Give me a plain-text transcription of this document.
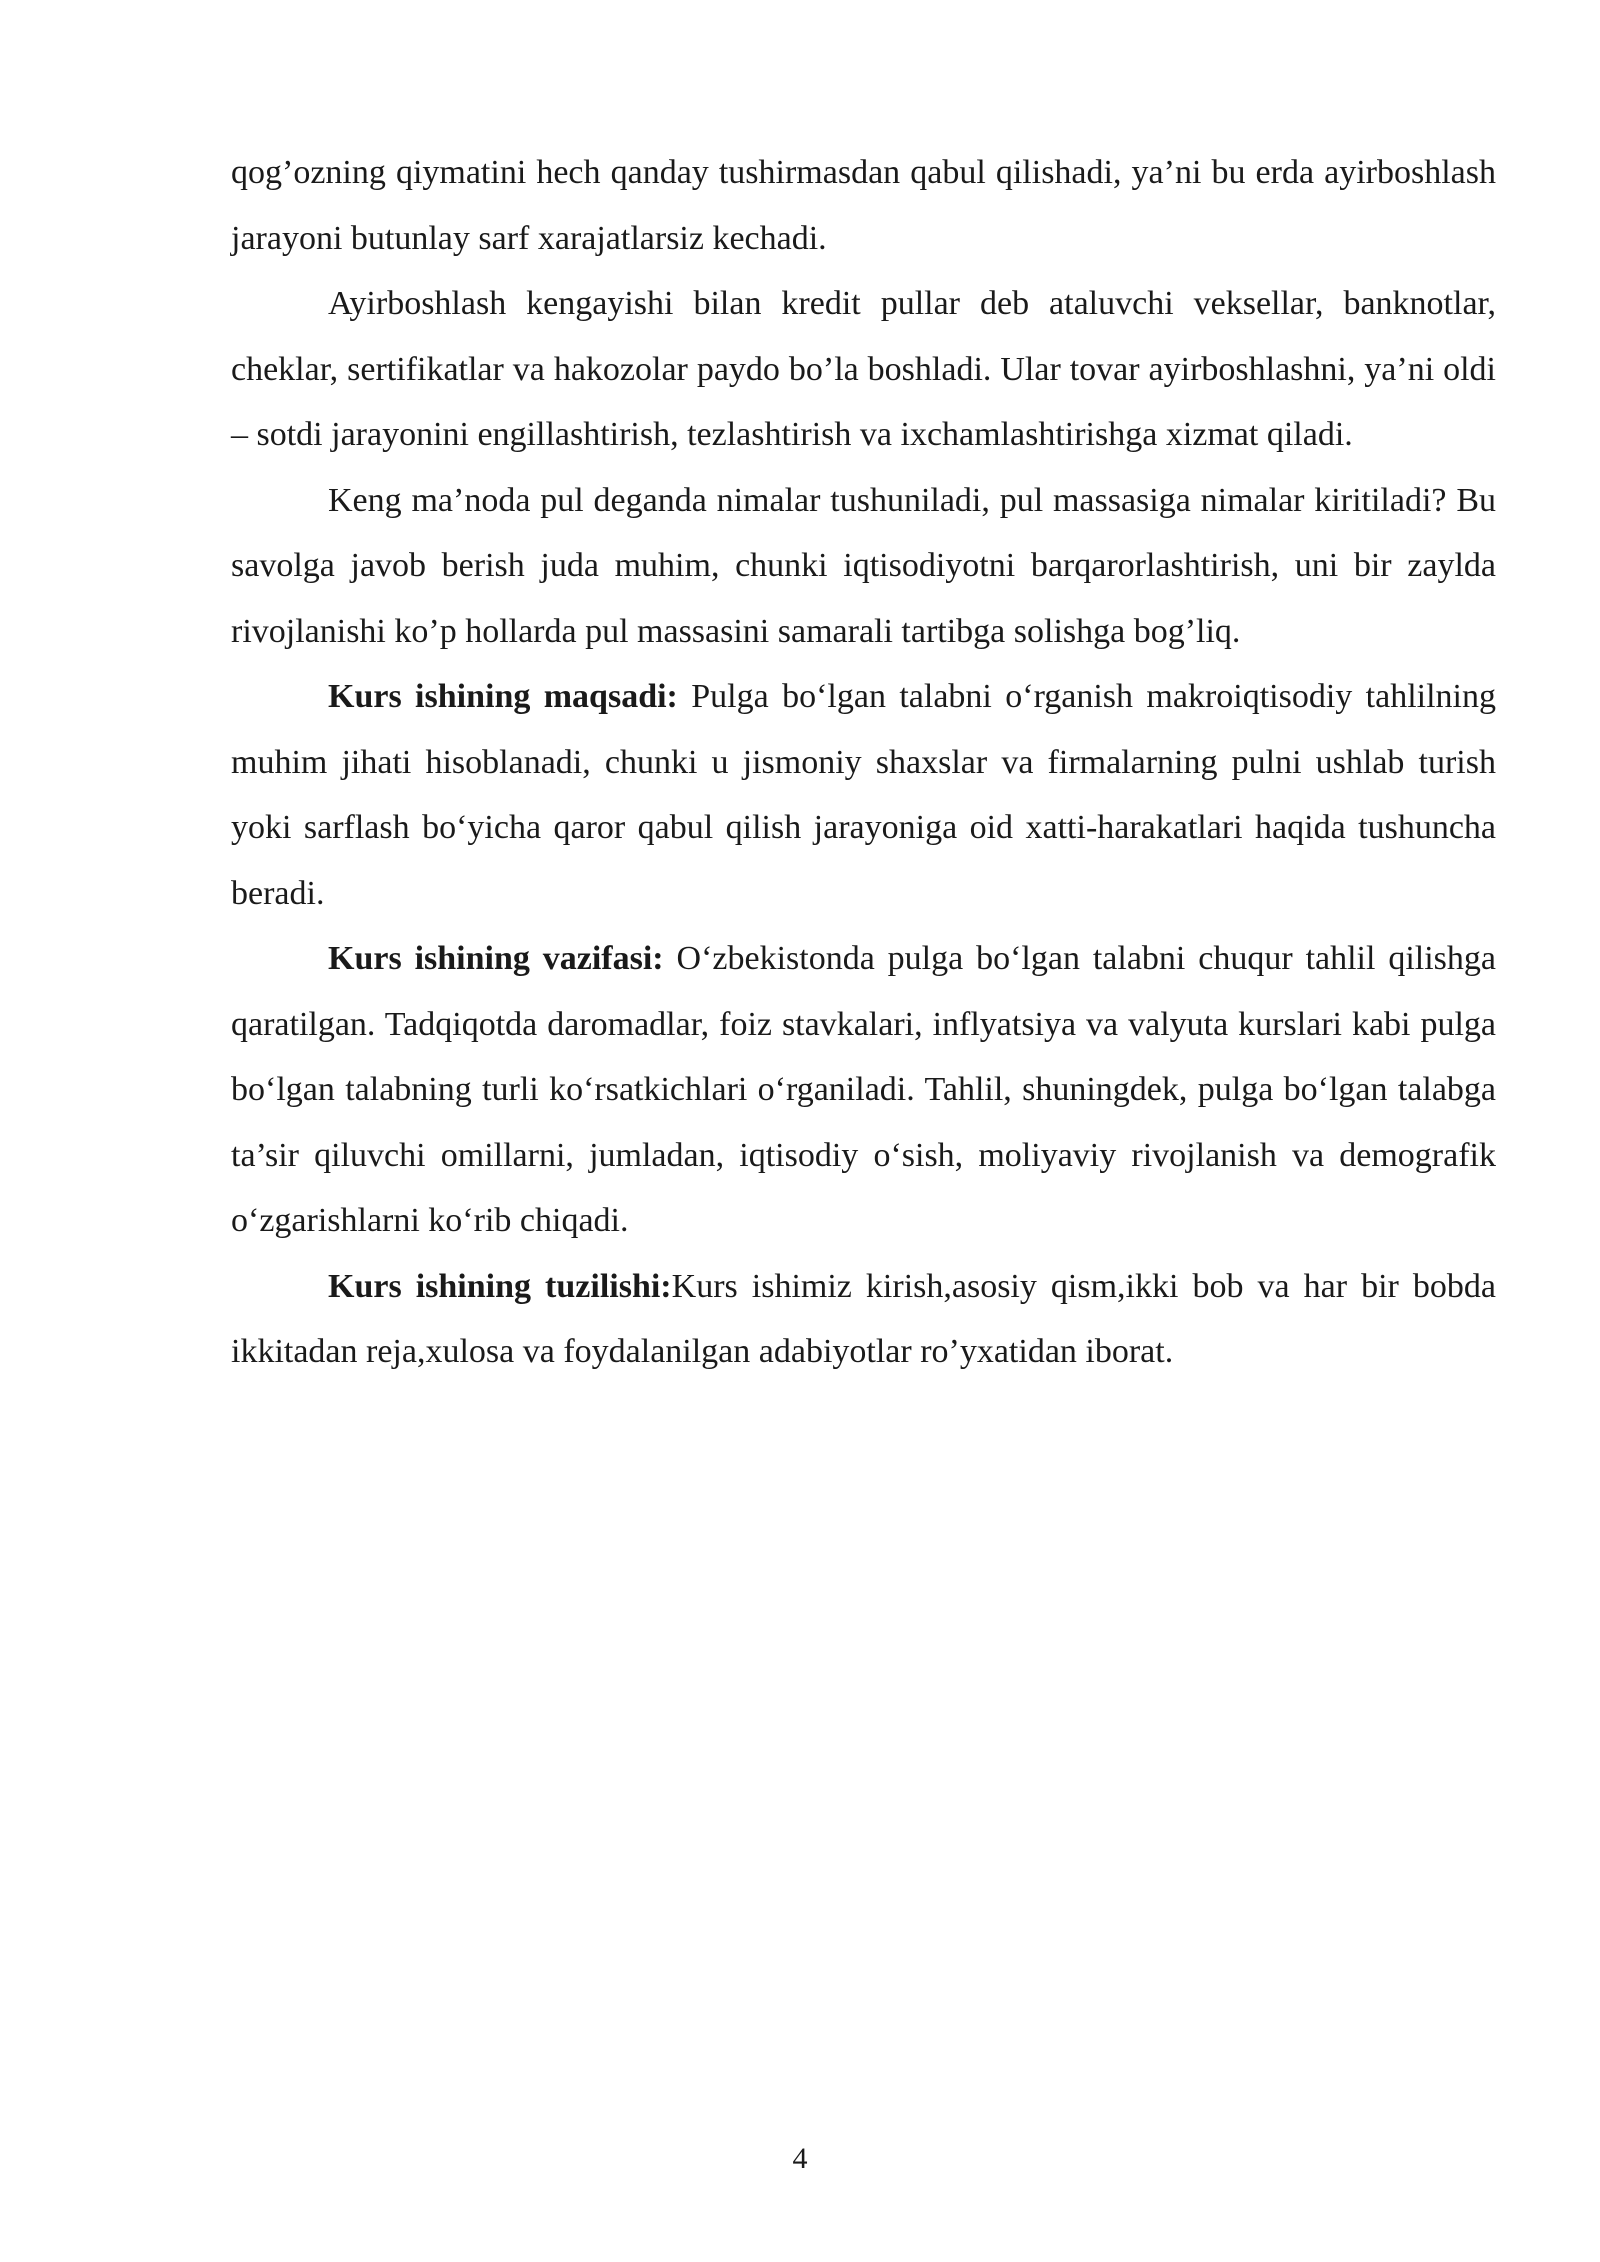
qog’ozning qiymatini hech qanday tushirmasdan qabul qilishadi, ya’ni bu erda ayirboshlash jarayoni butunlay sarf xarajatlarsiz kechadi.

Ayirboshlash kengayishi bilan kredit pullar deb ataluvchi veksellar, banknotlar, cheklar, sertifikatlar va hakozolar paydo bo’la boshladi. Ular tovar ayirboshlashni, ya’ni oldi – sotdi jarayonini engillashtirish, tezlashtirish va ixchamlashtirishga xizmat qiladi.

Keng ma’noda pul deganda nimalar tushuniladi, pul massasiga nimalar kiritiladi? Bu savolga javob berish juda muhim, chunki iqtisodiyotni barqarorlashtirish, uni bir zaylda rivojlanishi ko’p hollarda pul massasini samarali tartibga solishga bog’liq.

Kurs ishining maqsadi: Pulga bo‘lgan talabni o‘rganish makroiqtisodiy tahlilning muhim jihati hisoblanadi, chunki u jismoniy shaxslar va firmalarning pulni ushlab turish yoki sarflash bo‘yicha qaror qabul qilish jarayoniga oid xatti-harakatlari haqida tushuncha beradi.

Kurs ishining vazifasi: O‘zbekistonda pulga bo‘lgan talabni chuqur tahlil qilishga qaratilgan. Tadqiqotda daromadlar, foiz stavkalari, inflyatsiya va valyuta kurslari kabi pulga bo‘lgan talabning turli ko‘rsatkichlari o‘rganiladi. Tahlil, shuningdek, pulga bo‘lgan talabga ta’sir qiluvchi omillarni, jumladan, iqtisodiy o‘sish, moliyaviy rivojlanish va demografik o‘zgarishlarni ko‘rib chiqadi.

Kurs ishining tuzilishi:Kurs ishimiz kirish,asosiy qism,ikki bob va har bir bobda ikkitadan reja,xulosa va foydalanilgan adabiyotlar ro’yxatidan iborat.

4
